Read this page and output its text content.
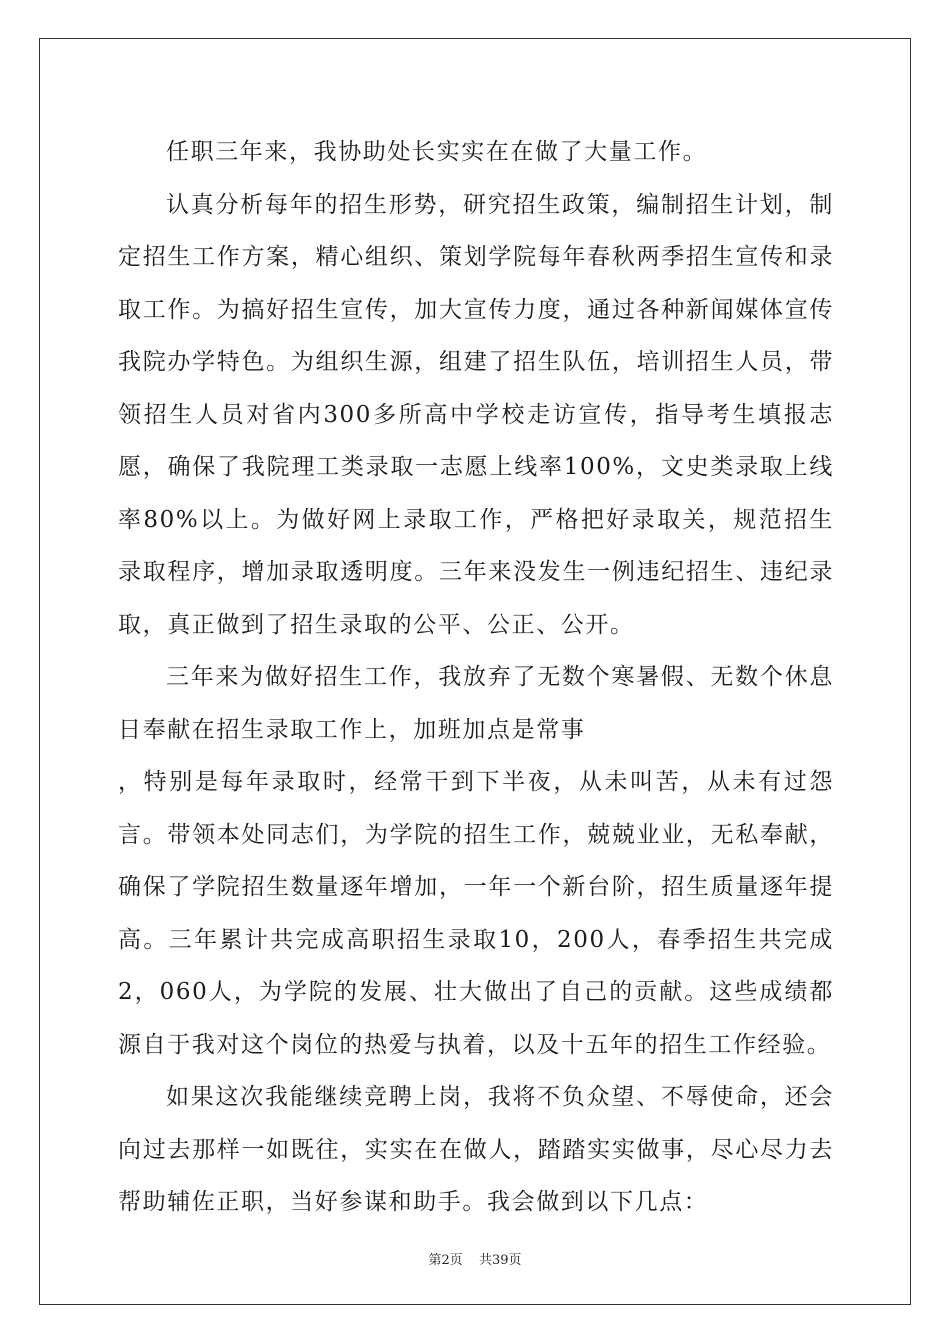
任职三年来，我协助处长实实在在做了大量工作。

认真分析每年的招生形势，研究招生政策，编制招生计划，制定招生工作方案，精心组织、策划学院每年春秋两季招生宣传和录取工作。为搞好招生宣传，加大宣传力度，通过各种新闻媒体宣传我院办学特色。为组织生源，组建了招生队伍，培训招生人员，带领招生人员对省内300多所高中学校走访宣传，指导考生填报志愿，确保了我院理工类录取一志愿上线率100%，文史类录取上线率80%以上。为做好网上录取工作，严格把好录取关，规范招生录取程序，增加录取透明度。三年来没发生一例违纪招生、违纪录取，真正做到了招生录取的公平、公正、公开。

三年来为做好招生工作，我放弃了无数个寒暑假、无数个休息日奉献在招生录取工作上，加班加点是常事

，特别是每年录取时，经常干到下半夜，从未叫苦，从未有过怨言。带领本处同志们，为学院的招生工作，兢兢业业，无私奉献，确保了学院招生数量逐年增加，一年一个新台阶，招生质量逐年提高。三年累计共完成高职招生录取10，200人，春季招生共完成2，060人，为学院的发展、壮大做出了自己的贡献。这些成绩都源自于我对这个岗位的热爱与执着，以及十五年的招生工作经验。

如果这次我能继续竞聘上岗，我将不负众望、不辱使命，还会向过去那样一如既往，实实在在做人，踏踏实实做事，尽心尽力去帮助辅佐正职，当好参谋和助手。我会做到以下几点：

第2页 共39页
